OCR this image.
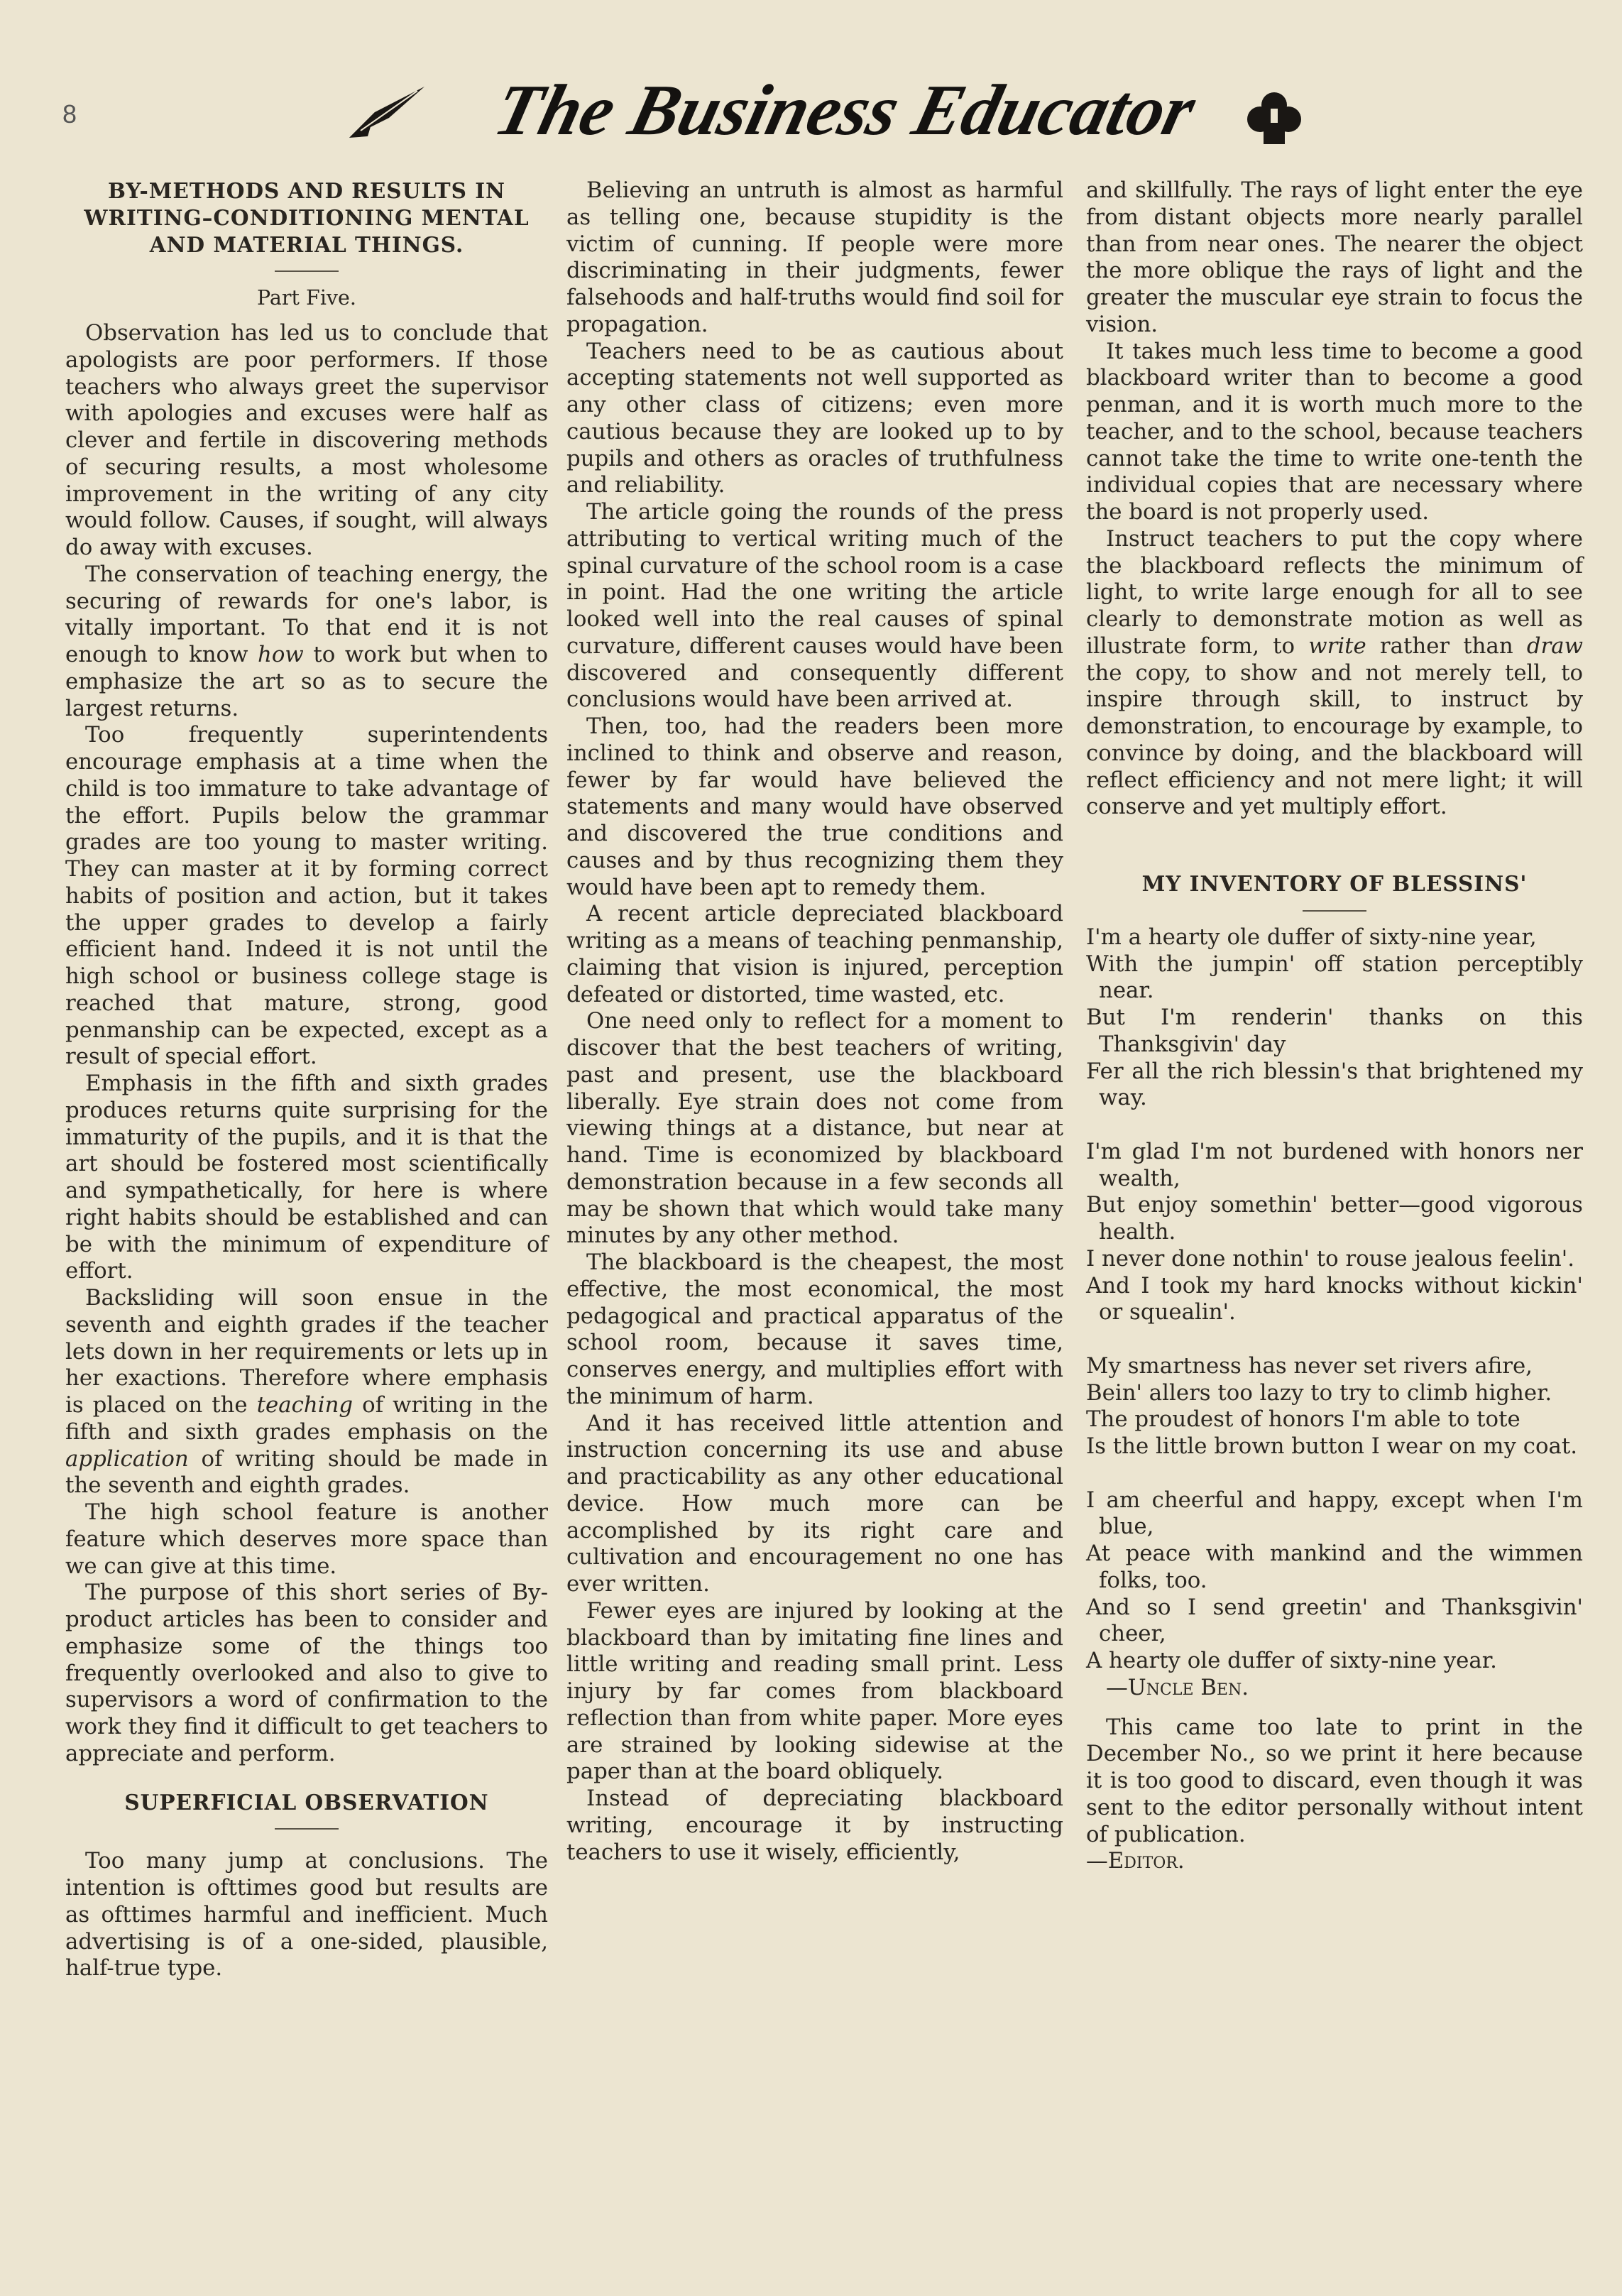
8	The Business Educator
BY-METHODS AND RESULTS IN WRITING–CONDITIONING MENTAL AND MATERIAL THINGS.
Part Five.

Observation has led us to conclude that apologists are poor performers. If those teachers who always greet the supervisor with apologies and excuses were half as clever and fertile in discovering methods of securing results, a most wholesome improvement in the writing of any city would follow. Causes, if sought, will always do away with excuses.

The conservation of teaching energy, the securing of rewards for one's labor, is vitally important. To that end it is not enough to know how to work but when to emphasize the art so as to secure the largest returns.

Too frequently superintendents encourage emphasis at a time when the child is too immature to take advantage of the effort. Pupils below the grammar grades are too young to master writing. They can master at it by forming correct habits of position and action, but it takes the upper grades to develop a fairly efficient hand. Indeed it is not until the high school or business college stage is reached that mature, strong, good penmanship can be expected, except as a result of special effort.

Emphasis in the fifth and sixth grades produces returns quite surprising for the immaturity of the pupils, and it is that the art should be fostered most scientifically and sympathetically, for here is where right habits should be established and can be with the minimum of expenditure of effort.

Backsliding will soon ensue in the seventh and eighth grades if the teacher lets down in her requirements or lets up in her exactions. Therefore where emphasis is placed on the teaching of writing in the fifth and sixth grades emphasis on the application of writing should be made in the seventh and eighth grades.

The high school feature is another feature which deserves more space than we can give at this time.

The purpose of this short series of By-product articles has been to consider and emphasize some of the things too frequently overlooked and also to give to supervisors a word of confirmation to the work they find it difficult to get teachers to appreciate and perform.

SUPERFICIAL OBSERVATION

Too many jump at conclusions. The intention is ofttimes good but results are as ofttimes harmful and inefficient. Much advertising is of a one-sided, plausible, half-true type.

Believing an untruth is almost as harmful as telling one, because stupidity is the victim of cunning. If people were more discriminating in their judgments, fewer falsehoods and half-truths would find soil for propagation.

Teachers need to be as cautious about accepting statements not well supported as any other class of citizens; even more cautious because they are looked up to by pupils and others as oracles of truthfulness and reliability.

The article going the rounds of the press attributing to vertical writing much of the spinal curvature of the school room is a case in point. Had the one writing the article looked well into the real causes of spinal curvature, different causes would have been discovered and consequently different conclusions would have been arrived at.

Then, too, had the readers been more inclined to think and observe and reason, fewer by far would have believed the statements and many would have observed and discovered the true conditions and causes and by thus recognizing them they would have been apt to remedy them.

A recent article depreciated blackboard writing as a means of teaching penmanship, claiming that vision is injured, perception defeated or distorted, time wasted, etc.

One need only to reflect for a moment to discover that the best teachers of writing, past and present, use the blackboard liberally. Eye strain does not come from viewing things at a distance, but near at hand. Time is economized by blackboard demonstration because in a few seconds all may be shown that which would take many minutes by any other method.

The blackboard is the cheapest, the most effective, the most economical, the most pedagogical and practical apparatus of the school room, because it saves time, conserves energy, and multiplies effort with the minimum of harm.

And it has received little attention and instruction concerning its use and abuse and practicability as any other educational device. How much more can be accomplished by its right care and cultivation and encouragement no one has ever written.

Fewer eyes are injured by looking at the blackboard than by imitating fine lines and little writing and reading small print. Less injury by far comes from blackboard reflection than from white paper. More eyes are strained by looking sidewise at the paper than at the board obliquely.

Instead of depreciating blackboard writing, encourage it by instructing teachers to use it wisely, efficiently,

and skillfully. The rays of light enter the eye from distant objects more nearly parallel than from near ones. The nearer the object the more oblique the rays of light and the greater the muscular eye strain to focus the vision.

It takes much less time to become a good blackboard writer than to become a good penman, and it is worth much more to the teacher, and to the school, because teachers cannot take the time to write one-tenth the individual copies that are necessary where the board is not properly used.

Instruct teachers to put the copy where the blackboard reflects the minimum of light, to write large enough for all to see clearly to demonstrate motion as well as illustrate form, to write rather than draw the copy, to show and not merely tell, to inspire through skill, to instruct by demonstration, to encourage by example, to convince by doing, and the blackboard will reflect efficiency and not mere light; it will conserve and yet multiply effort.

MY INVENTORY OF BLESSINS'

I'm a hearty ole duffer of sixty-nine year,

With the jumpin' off station perceptibly near.

But I'm renderin' thanks on this Thanksgivin' day

Fer all the rich blessin's that brightened my way.

I'm glad I'm not burdened with honors ner wealth,

But enjoy somethin' better—good vigorous health.

I never done nothin' to rouse jealous feelin'.

And I took my hard knocks without kickin' or squealin'.

My smartness has never set rivers afire,

Bein' allers too lazy to try to climb higher.

The proudest of honors I'm able to tote

Is the little brown button I wear on my coat.

I am cheerful and happy, except when I'm blue,

At peace with mankind and the wimmen folks, too.

And so I send greetin' and Thanksgivin' cheer,

A hearty ole duffer of sixty-nine year.

—Uncle Ben.

This came too late to print in the December No., so we print it here because it is too good to discard, even though it was sent to the editor personally without intent of publication.

—Editor.
